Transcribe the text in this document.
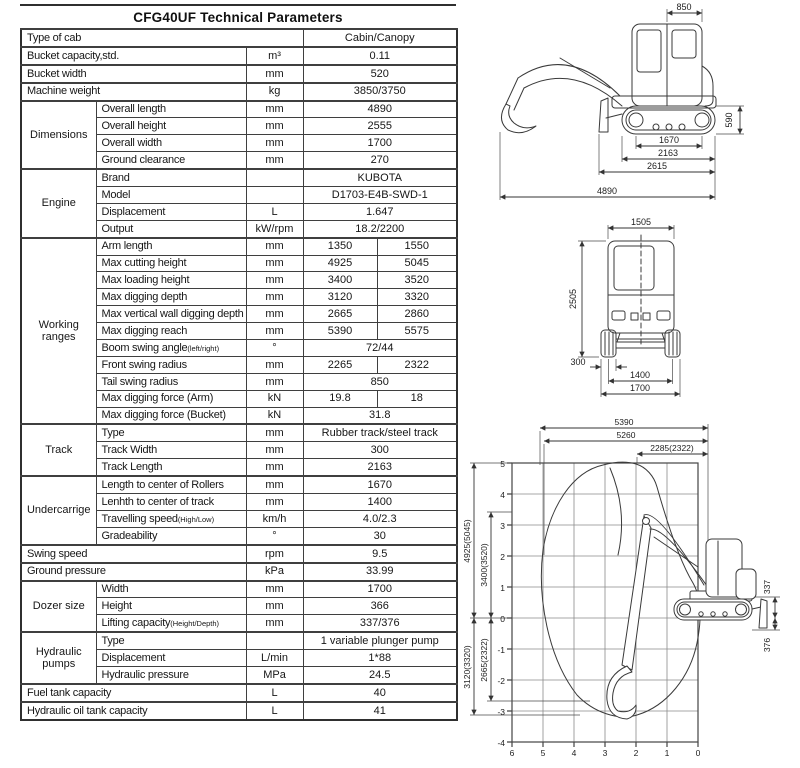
CFG40UF Technical Parameters
Type of cab			Cabin/Canopy	
Bucket capacity,std.		m³	0.11	
Bucket width		mm	520	
Machine weight		kg	3850/3750	
Dimensions	Overall length	mm	4890	
	Overall height	mm	2555	
	Overall width	mm	1700	
	Ground clearance	mm	270	
Engine	Brand		KUBOTA	
	Model		D1703-E4B-SWD-1	
	Displacement	L	1.647	
	Output	kW/rpm	18.2/2200	
Working ranges	Arm length	mm	1350	1550
	Max cutting height	mm	4925	5045
	Max loading height	mm	3400	3520
	Max digging depth	mm	3120	3320
	Max vertical wall digging depth	mm	2665	2860
	Max digging reach	mm	5390	5575
	Boom swing angle(left/right)	°	72/44	
	Front swing radius	mm	2265	2322
	Tail swing radius	mm	850	
	Max digging force (Arm)	kN	19.8	18
	Max digging force (Bucket)	kN	31.8	
Track	Type	mm	Rubber track/steel track	
	Track Width	mm	300	
	Track Length	mm	2163	
Undercarrige	Length to center of Rollers	mm	1670	
	Lenhth to center of track	mm	1400	
	Travelling speed(High/Low)	km/h	4.0/2.3	
	Gradeability	°	30	
Swing speed		rpm	9.5	
Ground pressure		kPa	33.99	
Dozer size	Width	mm	1700	
	Height	mm	366	
	Lifting capacity(Height/Depth)	mm	337/376	
Hydraulic pumps	Type		1 variable plunger pump	
	Displacement	L/min	1*88	
	Hydraulic pressure	MPa	24.5	
Fuel tank capacity		L	40	
Hydraulic oil tank capacity		L	41	
850
590
1670
2163
2615
4890
1505
2505
300
1400
1700
5390
5260
2285(2322)
4925(5045)
3400(3520)
3120(3320) 2665(2322)
337
376
6	5	4	3	2	1	0
5
4
3
2
1
0
-1
-2
-3
-4
